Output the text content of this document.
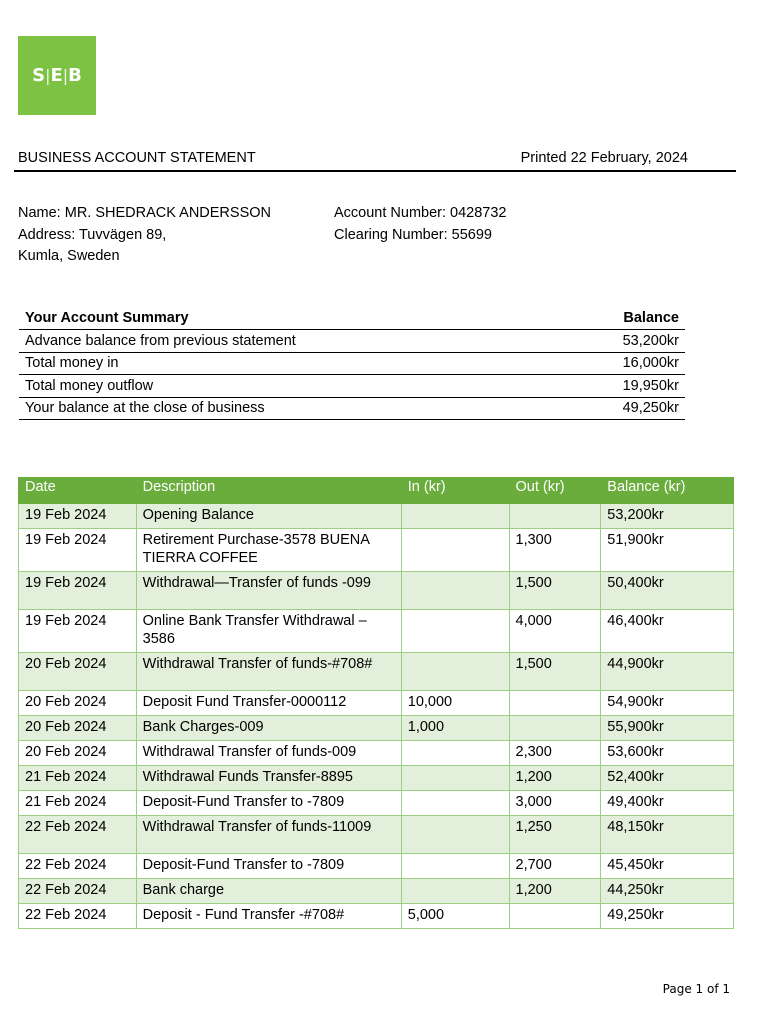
S | E | B
BUSINESS ACCOUNT STATEMENT	Printed 22 February, 2024
Name: MR. SHEDRACK ANDERSSON
Address: Tuvvägen 89,
Kumla, Sweden
Account Number: 0428732
Clearing Number: 55699
Your Account Summary	Balance
Advance balance from previous statement	53,200kr
Total money in	16,000kr
Total money outflow	19,950kr
Your balance at the close of business	49,250kr
Date	Description	In (kr)	Out (kr)	Balance (kr)
19 Feb 2024	Opening Balance			53,200kr
19 Feb 2024	Retirement Purchase-3578 BUENA TIERRA COFFEE		1,300	51,900kr
19 Feb 2024	Withdrawal—Transfer of funds -099		1,500	50,400kr
19 Feb 2024	Online Bank Transfer Withdrawal – 3586		4,000	46,400kr
20 Feb 2024	Withdrawal Transfer of funds-#708#		1,500	44,900kr
20 Feb 2024	Deposit Fund Transfer-0000112	10,000		54,900kr
20 Feb 2024	Bank Charges-009	1,000		55,900kr
20 Feb 2024	Withdrawal Transfer of funds-009		2,300	53,600kr
21 Feb 2024	Withdrawal Funds Transfer-8895		1,200	52,400kr
21 Feb 2024	Deposit-Fund Transfer to -7809		3,000	49,400kr
22 Feb 2024	Withdrawal Transfer of funds-11009		1,250	48,150kr
22 Feb 2024	Deposit-Fund Transfer to -7809		2,700	45,450kr
22 Feb 2024	Bank charge		1,200	44,250kr
22 Feb 2024	Deposit - Fund Transfer -#708#	5,000		49,250kr
Page 1 of 1
